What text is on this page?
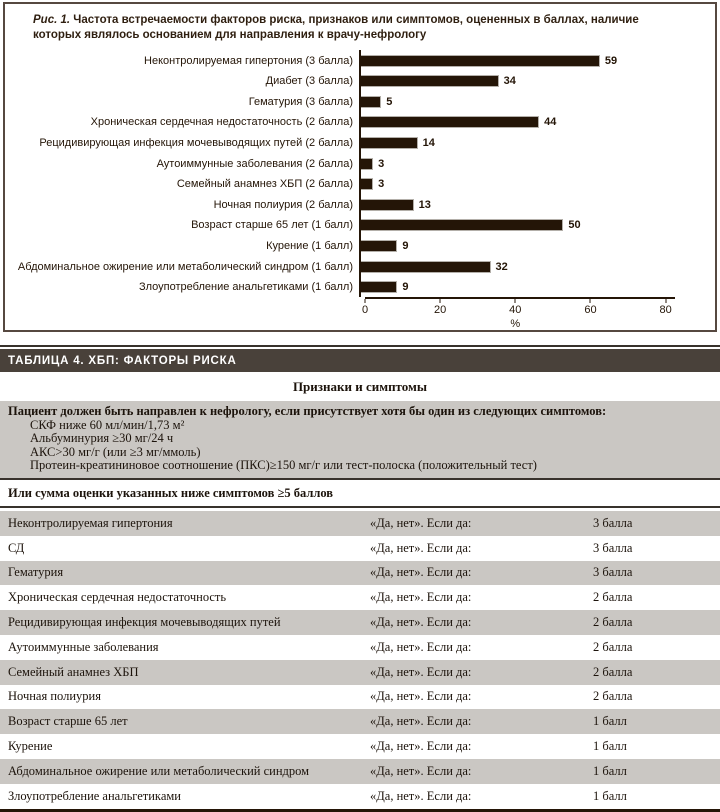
Рис. 1. Частота встречаемости факторов риска, признаков или симптомов, оцененных в баллах, наличие которых являлось основанием для направления к врачу-нефрологу

Неконтролируемая гипертония (3 балла)	59
Диабет (3 балла)	34
Гематурия (3 балла)	5
Хроническая сердечная недостаточность (2 балла)	44
Рецидивирующая инфекция мочевыводящих путей (2 балла)	14
Аутоиммунные заболевания (2 балла)	3
Семейный анамнез ХБП (2 балла)	3
Ночная полиурия (2 балла)	13
Возраст старше 65 лет (1 балл)	50
Курение (1 балл)	9
Абдоминальное ожирение или метаболический синдром (1 балл)	32
Злоупотребление анальгетиками (1 балл)	9
%
0	20	40	60	80
ТАБЛИЦА 4. ХБП: ФАКТОРЫ РИСКА
Признаки и симптомы
Пациент должен быть направлен к нефрологу, если присутствует хотя бы один из следующих симптомов:
СКФ ниже 60 мл/мин/1,73 м²
Альбуминурия ≥30 мг/24 ч
АКС>30 мг/г (или ≥3 мг/ммоль)
Протеин-креатининовое соотношение (ПКС)≥150 мг/г или тест-полоска (положительный тест)
Или сумма оценки указанных ниже симптомов ≥5 баллов
Неконтролируемая гипертония	«Да, нет». Если да:	3 балла
СД	«Да, нет». Если да:	3 балла
Гематурия	«Да, нет». Если да:	3 балла
Хроническая сердечная недостаточность	«Да, нет». Если да:	2 балла
Рецидивирующая инфекция мочевыводящих путей	«Да, нет». Если да:	2 балла
Аутоиммунные заболевания	«Да, нет». Если да:	2 балла
Семейный анамнез ХБП	«Да, нет». Если да:	2 балла
Ночная полиурия	«Да, нет». Если да:	2 балла
Возраст старше 65 лет	«Да, нет». Если да:	1 балл
Курение	«Да, нет». Если да:	1 балл
Абдоминальное ожирение или метаболический синдром	«Да, нет». Если да:	1 балл
Злоупотребление анальгетиками	«Да, нет». Если да:	1 балл
